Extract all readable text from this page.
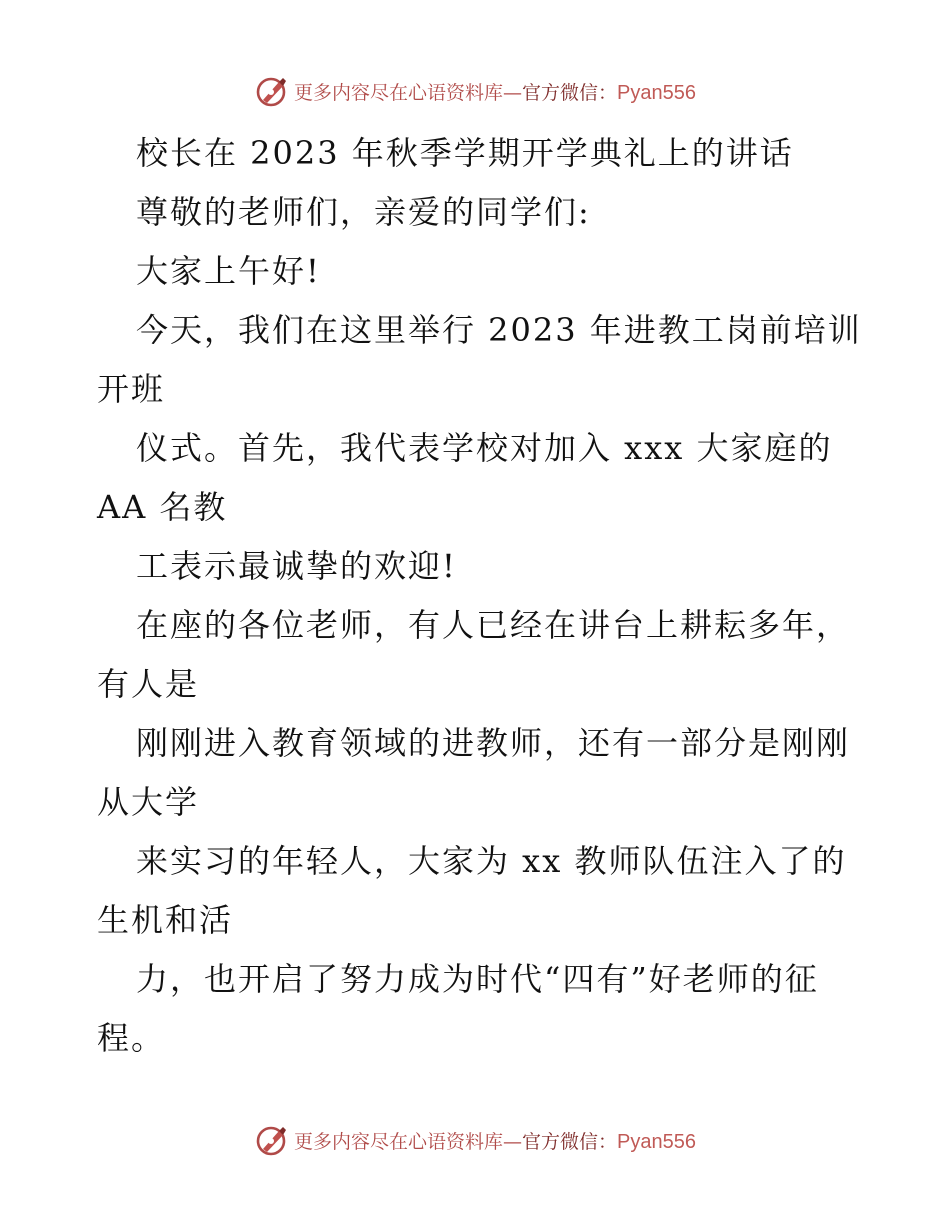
更多内容尽在心语资料库—官方微信：Pyan556
校长在 2023 年秋季学期开学典礼上的讲话
尊敬的老师们，亲爱的同学们:
大家上午好!
今天，我们在这里举行 2023 年进教工岗前培训
开班
仪式。首先，我代表学校对加入 xxx 大家庭的
AA 名教
工表示最诚挚的欢迎!
在座的各位老师，有人已经在讲台上耕耘多年，
有人是
刚刚进入教育领域的进教师，还有一部分是刚刚
从大学
来实习的年轻人，大家为 xx 教师队伍注入了的
生机和活
力，也开启了努力成为时代“四有”好老师的征
程。
更多内容尽在心语资料库—官方微信：Pyan556
